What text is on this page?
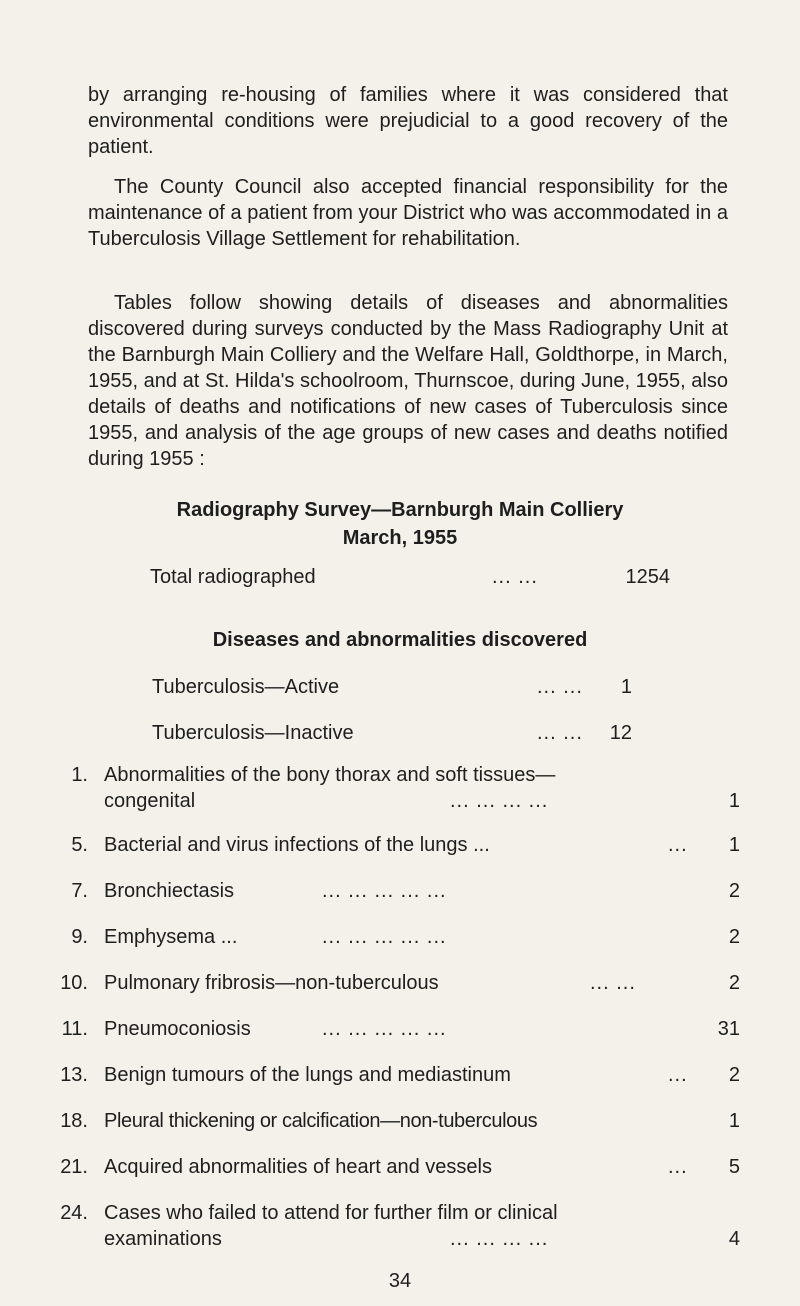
by arranging re-housing of families where it was considered that environmental conditions were prejudicial to a good recovery of the patient.

The County Council also accepted financial responsibility for the maintenance of a patient from your District who was accommodated in a Tuberculosis Village Settlement for rehabilitation.

Tables follow showing details of diseases and abnormalities discovered during surveys conducted by the Mass Radiography Unit at the Barnburgh Main Colliery and the Welfare Hall, Goldthorpe, in March, 1955, and at St. Hilda's schoolroom, Thurnscoe, during June, 1955, also details of deaths and notifications of new cases of Tuberculosis since 1955, and analysis of the age groups of new cases and deaths notified during 1955 :

Radiography Survey—Barnburgh Main Colliery
March, 1955
Total radiographed	... ...	1254
Diseases and abnormalities discovered
Tuberculosis—Active	... ...	1
Tuberculosis—Inactive	... ...	12
1. Abnormalities of the bony thorax and soft tissues—congenital	... ... ... ...	1
5. Bacterial and virus infections of the lungs ...	...	1
7. Bronchiectasis	... ... ... ... ...	2
9. Emphysema ...	... ... ... ... ...	2
10. Pulmonary fribrosis—non-tuberculous	... ...	2
11. Pneumoconiosis	... ... ... ... ...	31
13. Benign tumours of the lungs and mediastinum	...	2
18. Pleural thickening or calcification—non-tuberculous	1
21. Acquired abnormalities of heart and vessels	...	5
24. Cases who failed to attend for further film or clinical examinations	... ... ... ...	4

34
